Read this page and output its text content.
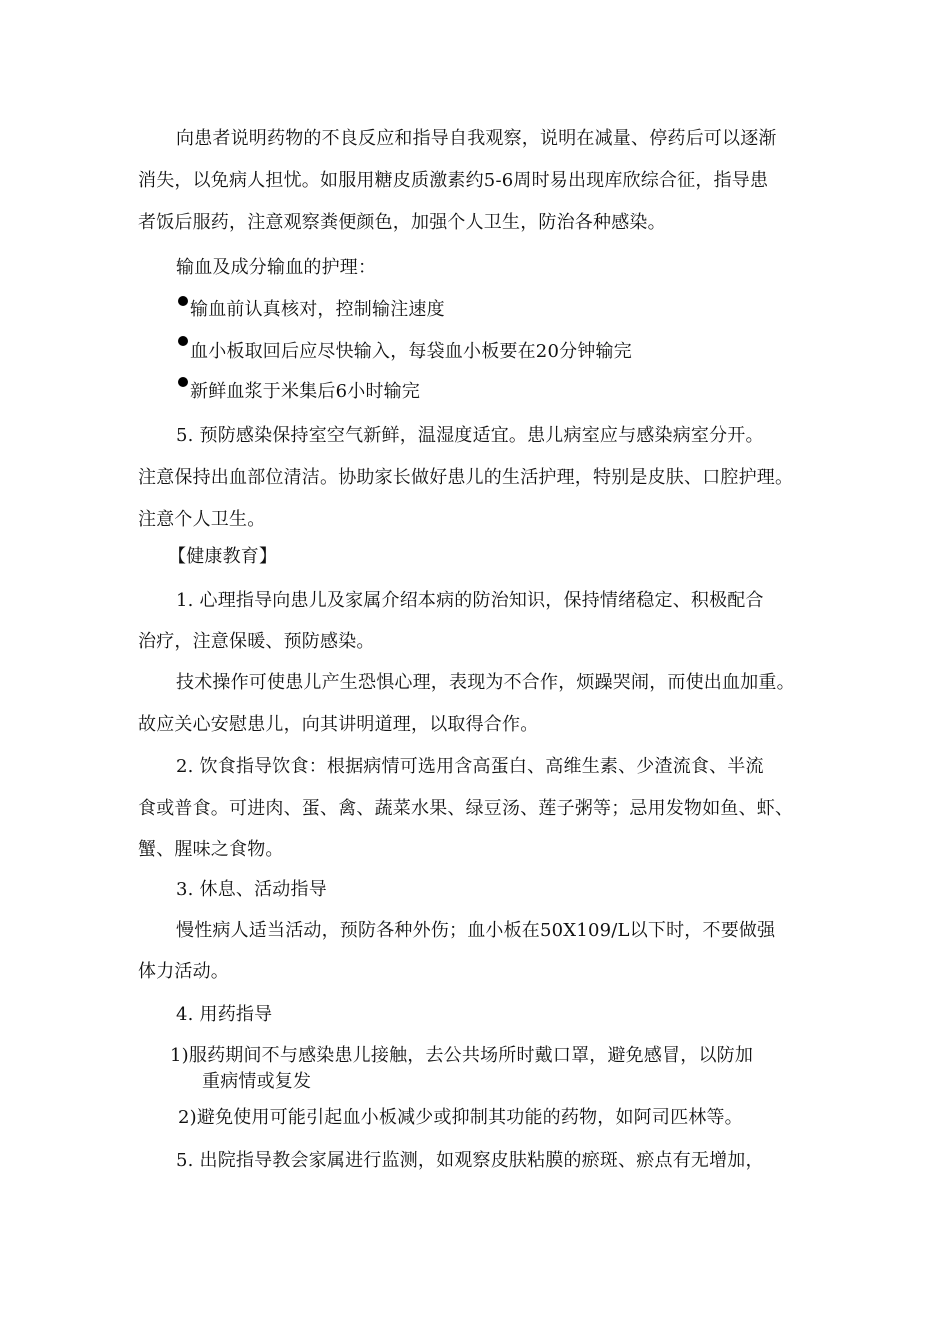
向患者说明药物的不良反应和指导自我观察，说明在减量、停药后可以逐渐
消失，以免病人担忧。如服用糖皮质激素约5-6周时易出现库欣综合征，指导患
者饭后服药，注意观察粪便颜色，加强个人卫生，防治各种感染。
输血及成分输血的护理：
输血前认真核对，控制输注速度
血小板取回后应尽快输入，每袋血小板要在20分钟输完
新鲜血浆于米集后6小时输完
5. 预防感染保持室空气新鲜，温湿度适宜。患儿病室应与感染病室分开。
注意保持出血部位清洁。协助家长做好患儿的生活护理，特别是皮肤、口腔护理。
注意个人卫生。
【健康教育】
1. 心理指导向患儿及家属介绍本病的防治知识，保持情绪稳定、积极配合
治疗，注意保暖、预防感染。
技术操作可使患儿产生恐惧心理，表现为不合作，烦躁哭闹，而使出血加重。
故应关心安慰患儿，向其讲明道理，以取得合作。
2. 饮食指导饮食：根据病情可选用含高蛋白、高维生素、少渣流食、半流
食或普食。可进肉、蛋、禽、蔬菜水果、绿豆汤、莲子粥等；忌用发物如鱼、虾、
蟹、腥味之食物。
3. 休息、活动指导
慢性病人适当活动，预防各种外伤；血小板在50X109/L以下时，不要做强
体力活动。
4. 用药指导
1)服药期间不与感染患儿接触，去公共场所时戴口罩，避免感冒，以防加
重病情或复发
2)避免使用可能引起血小板减少或抑制其功能的药物，如阿司匹林等。
5. 出院指导教会家属进行监测，如观察皮肤粘膜的瘀斑、瘀点有无增加，
